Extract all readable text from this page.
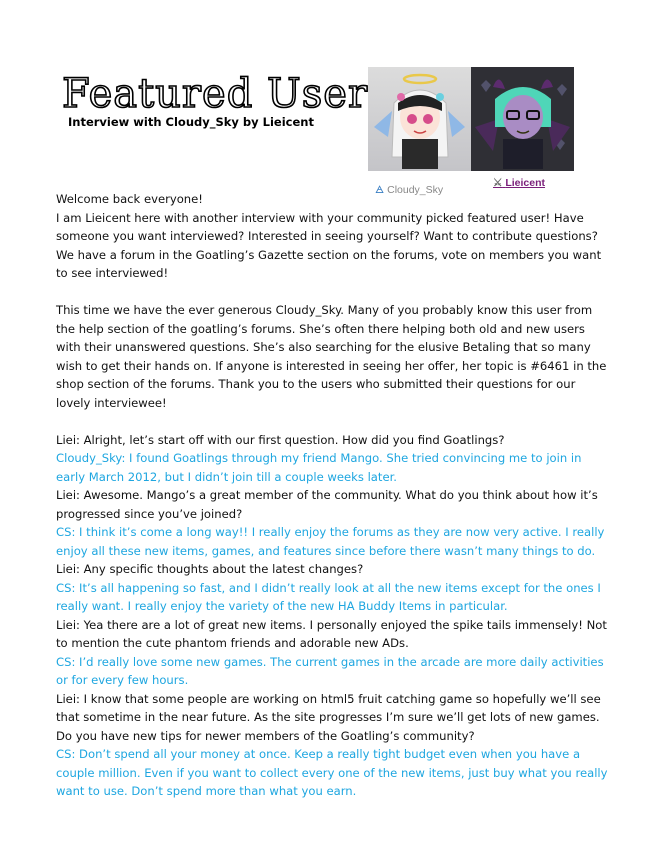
Featured User
Interview with Cloudy_Sky by Lieicent
🜁 Cloudy_Sky
⚔ Lieicent

Welcome back everyone!

I am Lieicent here with another interview with your community picked featured user! Have someone you want interviewed? Interested in seeing yourself? Want to contribute questions? We have a forum in the Goatling’s Gazette section on the forums, vote on members you want to see interviewed!

This time we have the ever generous Cloudy_Sky. Many of you probably know this user from the help section of the goatling’s forums. She’s often there helping both old and new users with their unanswered questions. She’s also searching for the elusive Betaling that so many wish to get their hands on. If anyone is interested in seeing her offer, her topic is #6461 in the shop section of the forums. Thank you to the users who submitted their questions for our lovely interviewee!

Liei: Alright, let’s start off with our first question. How did you find Goatlings?

Cloudy_Sky: I found Goatlings through my friend Mango. She tried convincing me to join in early March 2012, but I didn’t join till a couple weeks later.

Liei: Awesome. Mango’s a great member of the community. What do you think about how it’s progressed since you’ve joined?

CS: I think it’s come a long way!! I really enjoy the forums as they are now very active. I really enjoy all these new items, games, and features since before there wasn’t many things to do.

Liei: Any specific thoughts about the latest changes?

CS: It’s all happening so fast, and I didn’t really look at all the new items except for the ones I really want. I really enjoy the variety of the new HA Buddy Items in particular.

Liei: Yea there are a lot of great new items. I personally enjoyed the spike tails immensely! Not to mention the cute phantom friends and adorable new ADs.

CS: I’d really love some new games. The current games in the arcade are more daily activities or for every few hours.

Liei: I know that some people are working on html5 fruit catching game so hopefully we’ll see that sometime in the near future. As the site progresses I’m sure we’ll get lots of new games. Do you have new tips for newer members of the Goatling’s community?

CS: Don’t spend all your money at once. Keep a really tight budget even when you have a couple million. Even if you want to collect every one of the new items, just buy what you really want to use. Don’t spend more than what you earn.
